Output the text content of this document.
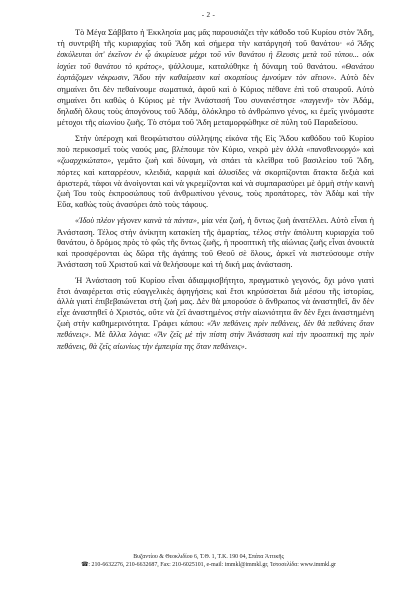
- 2 -

Τὸ Μέγα Σάββατο ἡ Ἐκκλησία μας μᾶς παρουσιάζει τὴν κάθοδο τοῦ Κυρίου στὸν Ἅδη, τὴ συντριβὴ τῆς κυριαρχίας τοῦ Ἅδη καὶ σήμερα τὴν κατάργησή τοῦ θανάτου· «ὁ Ἅδης ἐσκύλευται ὑπ' ἐκεῖνον ἐν ᾧ ἀκυρίευσε μέχρι τοῦ νῦν θανάτου ἡ ἔλευσις μετὰ τοῦ τύπου... οὐκ ἰσχύει τοῦ θανάτου τὸ κράτος», ψάλλουμε, καταλύθηκε ἡ δύναμη τοῦ θανάτου. «Θανάτου ἑορτάζομεν νέκρωσιν, Ἅδου τὴν καθαίρεσιν καὶ σκορπίους ἐμνούμεν τὸν αἴτιον». Αὐτὸ δὲν σημαίνει ὅτι δὲν πεθαίνουμε σωματικά, ἀφοῦ καὶ ὁ Κύριος πέθανε ἐπὶ τοῦ σταυροῦ. Αὐτὸ σημαίνει ὅτι καθὼς ὁ Κύριος μὲ τὴν Ἀνάστασή Του συνανέστησε «παγγενῆ» τὸν Ἀδάμ, δηλαδὴ ὅλους τοὺς ἀπογόνους τοῦ Ἀδάμ, ὁλόκληρο τὸ ἀνθρώπινο γένος, κι ἐμεῖς γινόμαστε μέτοχοι τῆς αἰωνίου ζωῆς. Τὸ στόμα τοῦ Ἅδη μεταμορφώθηκε σὲ πύλη τοῦ Παραδείσου.

Στὴν ὑπέροχη καὶ θεοφώτιστου σύλληψης εἰκόνα τῆς Εἰς Ἅδου καθόδου τοῦ Κυρίου ποὺ περικοσμεῖ τοὺς ναούς μας, βλέπουμε τὸν Κύριο, νεκρὸ μὲν ἀλλὰ «πανσθενουργὸ» καὶ «ζωαρχικώτατο», γεμᾶτο ζωὴ καὶ δύναμη, νὰ σπάει τὰ κλεῖθρα τοῦ βασιλείου τοῦ Ἅδη, πόρτες καὶ καταρρέουν, κλειδιά, καρφιὰ καὶ ἁλυσίδες νὰ σκορπίζονται ἄτακτα δεξιὰ καὶ ἀριστερά, τάφοι νὰ ἀνοίγονται καὶ νὰ γκρεμίζονται καὶ νὰ συμπαρασύρει μὲ ὁρμὴ στὴν καινὴ ζωὴ Του τοὺς ἐκπροσώπους τοῦ ἀνθρωπίνου γένους, τοὺς προπάτορες, τὸν Ἀδὰμ καὶ τὴν Εὔα, καθὼς τοὺς ἀνασύρει ἀπὸ τοὺς τάφους.

«Ἰδοὺ πλέον γέγονεν καινὰ τὰ πάντα», μία νέα ζωή, ἡ ὄντως ζωὴ ἀνατέλλει. Αὐτὸ εἶναι ἡ Ἀνάσταση. Τέλος στὴν ἀνίκητη κατακίεη τῆς ἁμαρτίας, τέλος στὴν ἀπόλυτη κυριαρχία τοῦ θανάτου, ὁ δρόμος πρὸς τὸ φῶς τῆς ὄντως ζωῆς, ἡ προοπτικὴ τῆς αἰώνιας ζωῆς εἶναι ἀνοικτὰ καὶ προσφέρονται ὡς δῶρα τῆς ἀγάπης τοῦ Θεοῦ σὲ ὅλους, ἀρκεῖ νὰ πιστεύσουμε στὴν Ἀνάσταση τοῦ Χριστοῦ καὶ νὰ θελήσουμε καὶ τὴ δική μας ἀνάσταση.

Ἡ Ἀνάσταση τοῦ Κυρίου εἶναι ἀδιαμφισβήτητο, πραγματικὸ γεγονός, ὄχι μόνο γιατὶ ἔτσι ἀναφέρεται στὶς εὐαγγελικὲς ἀφηγήσεις καὶ ἔτσι κηρύσσεται διὰ μέσου τῆς ἱστορίας, ἀλλὰ γιατὶ ἐπιβεβαιώνεται στὴ ζωή μας. Δὲν θὰ μπορούσε ὁ ἄνθρωπος νὰ ἀναστηθεῖ, ἂν δὲν εἶχε ἀναστηθεῖ ὁ Χριστός, οὔτε νὰ ζεῖ ἀναστημένος στὴν αἰωνιότητα ἂν δὲν ἔχει ἀναστημένη ζωὴ στὴν καθημερινότητα. Γράφει κάπου: «Ἂν πεθάνεις πρὶν πεθάνεις, δὲν θὰ πεθάνεις ὅταν πεθάνεις». Μὲ ἄλλα λόγια: «Ἂν ζεῖς μὲ τὴν πίστη στὴν Ἀνάσταση καὶ τὴν προοπτικὴ της πρὶν πεθάνεις, θὰ ζεῖς αἰωνίως τὴν ἐμπειρία της ὅταν πεθάνεις».

Βυζαντίου & Θεοκλιδίου 6, Τ.Θ. 1, Τ.Κ. 190 04, Σπάτα Ἀττικῆς
☎: 210-6632276, 210-6632687, Fax: 210-6025101, e-mail: immkl@immkl.gr, Ἱστοσελίδα: www.immkl.gr
